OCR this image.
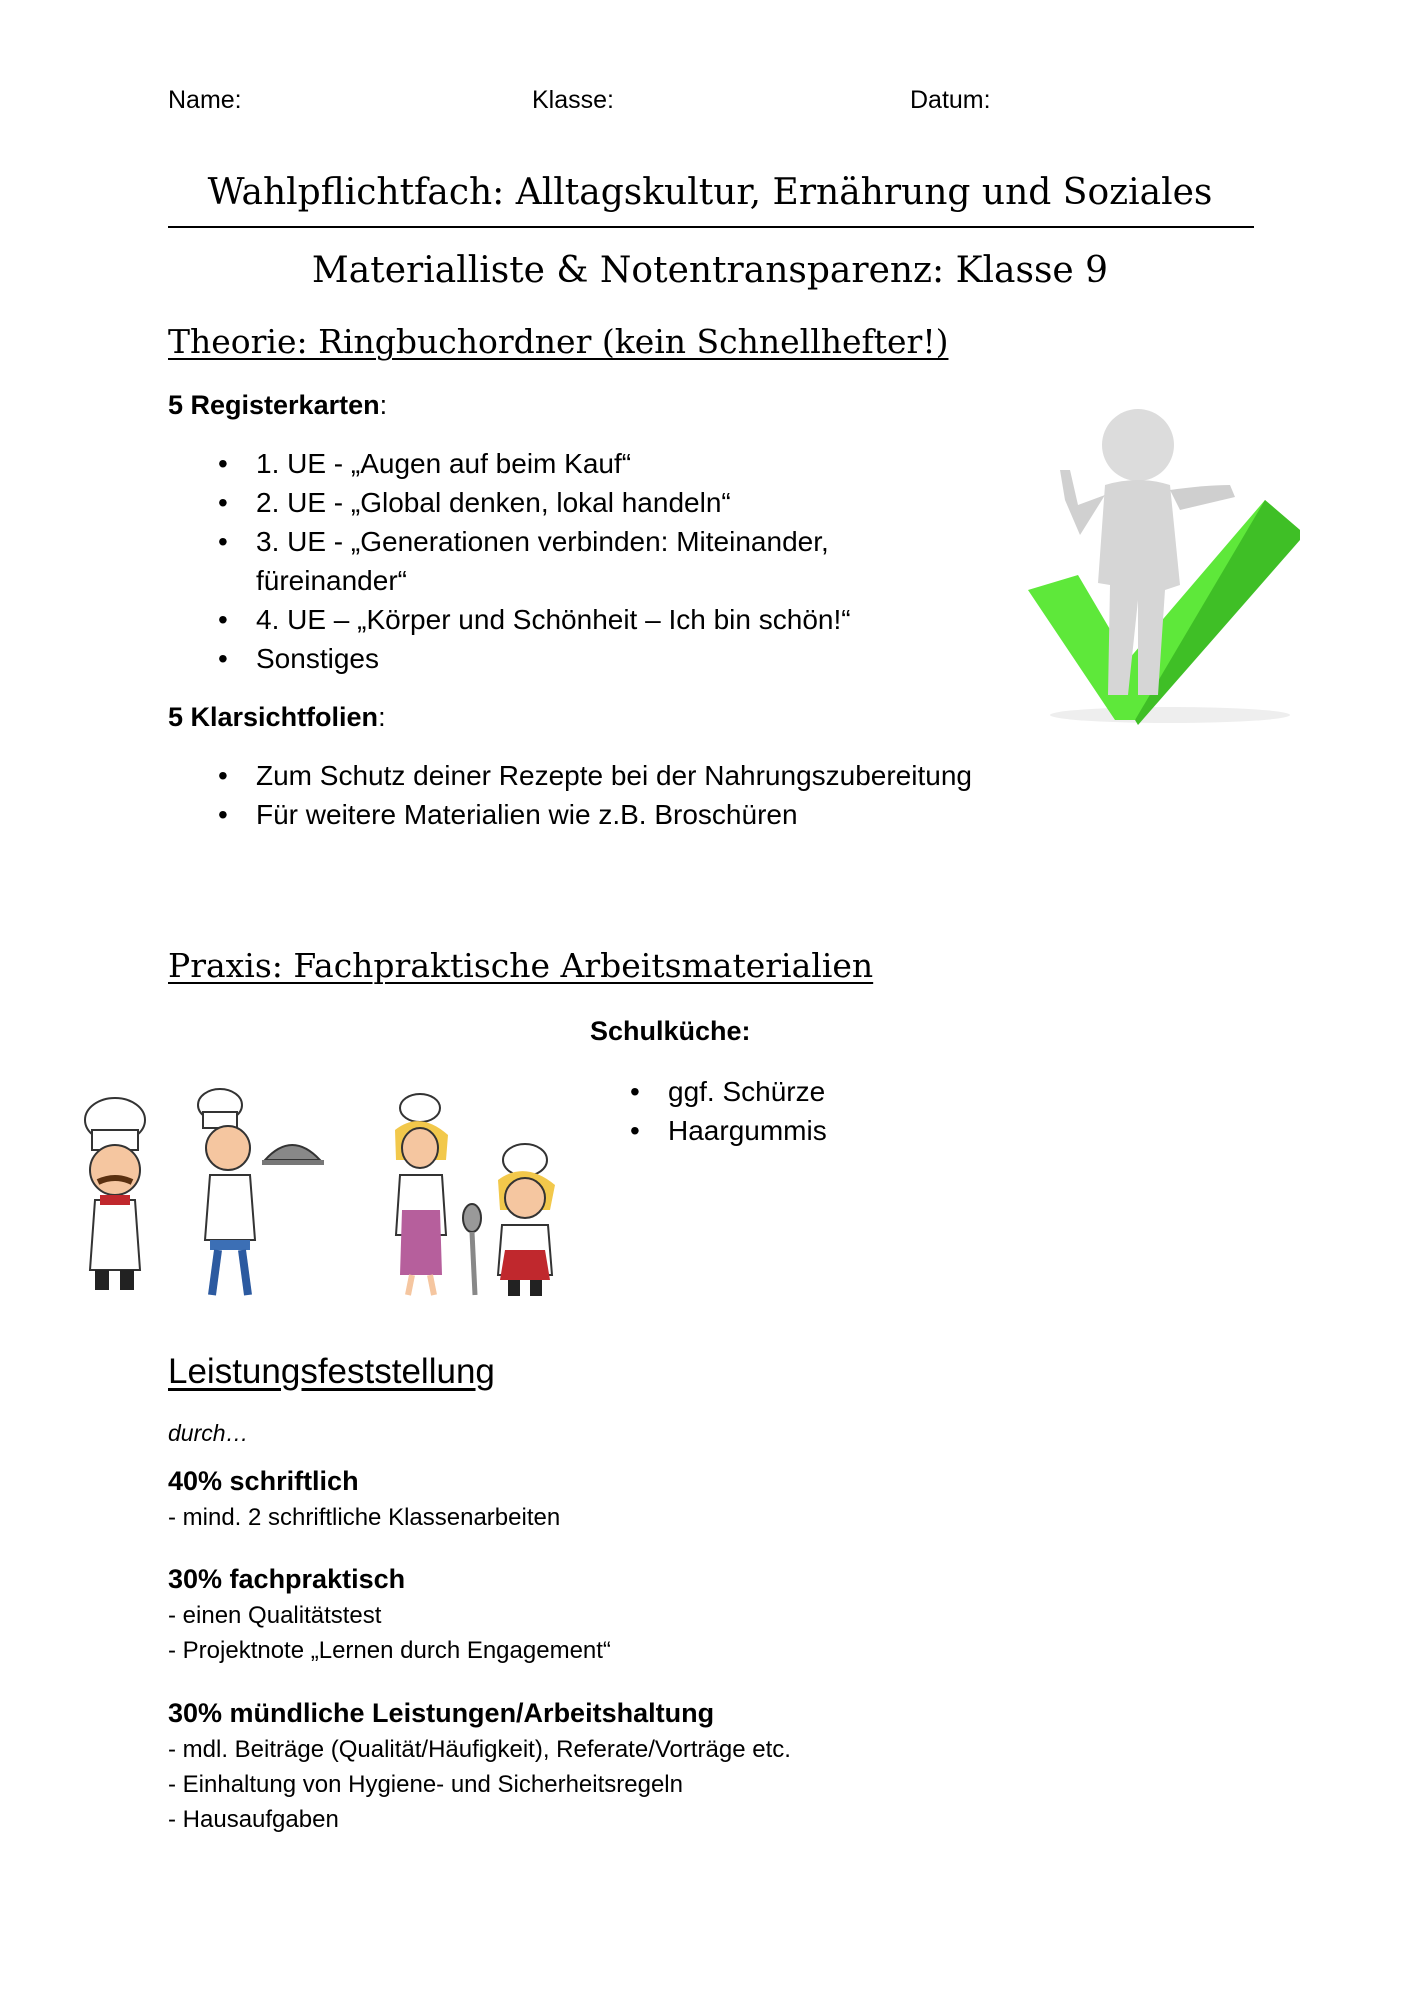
Name:	Klasse:	Datum:
Wahlpflichtfach: Alltagskultur, Ernährung und Soziales
Materialliste & Notentransparenz: Klasse 9
Theorie: Ringbuchordner (kein Schnellhefter!)
5 Registerkarten:
• 1. UE - „Augen auf beim Kauf“
• 2. UE - „Global denken, lokal handeln“
• 3. UE - „Generationen verbinden: Miteinander, füreinander“
• 4. UE – „Körper und Schönheit – Ich bin schön!“
• Sonstiges
5 Klarsichtfolien:
• Zum Schutz deiner Rezepte bei der Nahrungszubereitung
• Für weitere Materialien wie z.B. Broschüren
Praxis: Fachpraktische Arbeitsmaterialien
Schulküche:
• ggf. Schürze
• Haargummis
Leistungsfeststellung
durch…
40% schriftlich
- mind. 2 schriftliche Klassenarbeiten
30% fachpraktisch
- einen Qualitätstest
- Projektnote „Lernen durch Engagement“
30% mündliche Leistungen/Arbeitshaltung
- mdl. Beiträge (Qualität/Häufigkeit), Referate/Vorträge etc.
- Einhaltung von Hygiene- und Sicherheitsregeln
- Hausaufgaben
